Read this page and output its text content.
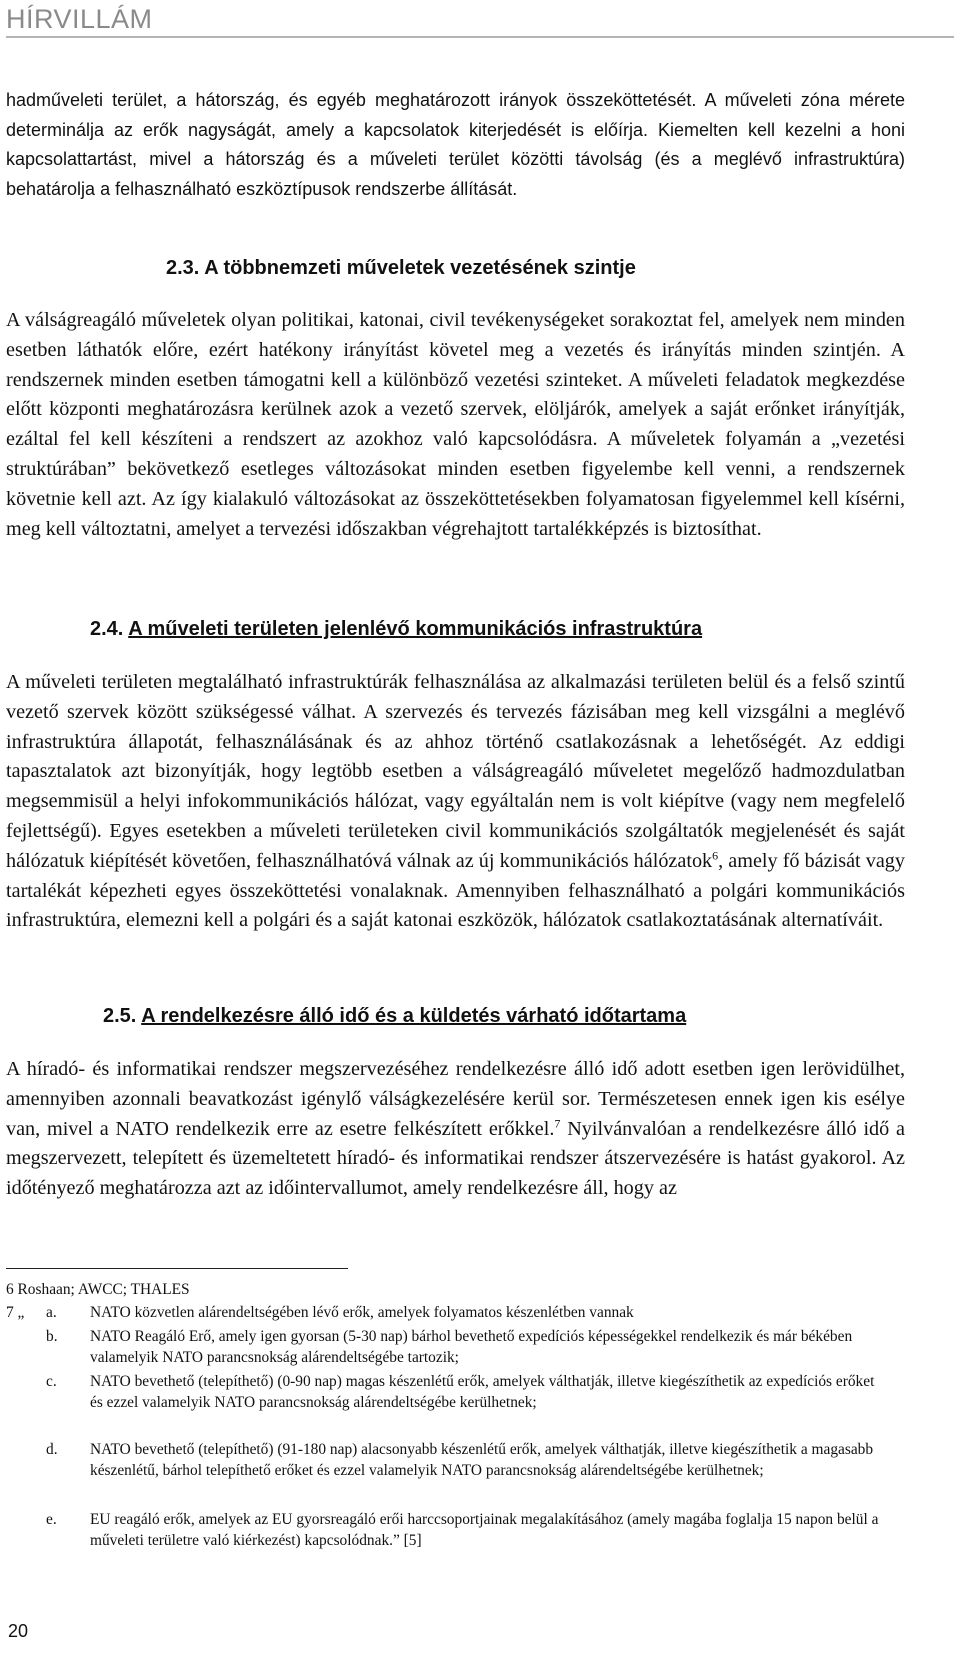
HÍRVILLÁM

hadműveleti terület, a hátország, és egyéb meghatározott irányok összeköttetését. A műveleti zóna mérete determinálja az erők nagyságát, amely a kapcsolatok kiterjedését is előírja. Kiemelten kell kezelni a honi kapcsolattartást, mivel a hátország és a műveleti terület közötti távolság (és a meglévő infrastruktúra) behatárolja a felhasználható eszköztípusok rendszerbe állítását.

2.3. A többnemzeti műveletek vezetésének szintje

A válságreagáló műveletek olyan politikai, katonai, civil tevékenységeket sorakoztat fel, amelyek nem minden esetben láthatók előre, ezért hatékony irányítást követel meg a vezetés és irányítás minden szintjén. A rendszernek minden esetben támogatni kell a különböző vezetési szinteket. A műveleti feladatok megkezdése előtt központi meghatározásra kerülnek azok a vezető szervek, elöljárók, amelyek a saját erőnket irányítják, ezáltal fel kell készíteni a rendszert az azokhoz való kapcsolódásra. A műveletek folyamán a „vezetési struktúrában” bekövetkező esetleges változásokat minden esetben figyelembe kell venni, a rendszernek követnie kell azt. Az így kialakuló változásokat az összeköttetésekben folyamatosan figyelemmel kell kísérni, meg kell változtatni, amelyet a tervezési időszakban végrehajtott tartalékképzés is biztosíthat.

2.4. A műveleti területen jelenlévő kommunikációs infrastruktúra

A műveleti területen megtalálható infrastruktúrák felhasználása az alkalmazási területen belül és a felső szintű vezető szervek között szükségessé válhat. A szervezés és tervezés fázisában meg kell vizsgálni a meglévő infrastruktúra állapotát, felhasználásának és az ahhoz történő csatlakozásnak a lehetőségét. Az eddigi tapasztalatok azt bizonyítják, hogy legtöbb esetben a válságreagáló műveletet megelőző hadmozdulatban megsemmisül a helyi infokommunikációs hálózat, vagy egyáltalán nem is volt kiépítve (vagy nem megfelelő fejlettségű). Egyes esetekben a műveleti területeken civil kommunikációs szolgáltatók megjelenését és saját hálózatuk kiépítését követően, felhasználhatóvá válnak az új kommunikációs hálózatok$^6$, amely fő bázisát vagy tartalékát képezheti egyes összeköttetési vonalaknak. Amennyiben felhasználható a polgári kommunikációs infrastruktúra, elemezni kell a polgári és a saját katonai eszközök, hálózatok csatlakoztatásának alternatíváit.

2.5. A rendelkezésre álló idő és a küldetés várható időtartama

A híradó- és informatikai rendszer megszervezéséhez rendelkezésre álló idő adott esetben igen lerövidülhet, amennyiben azonnali beavatkozást igénylő válságkezelésére kerül sor. Természetesen ennek igen kis esélye van, mivel a NATO rendelkezik erre az esetre felkészített erőkkel.$^7$ Nyilvánvalóan a rendelkezésre álló idő a megszervezett, telepített és üzemeltetett híradó- és informatikai rendszer átszervezésére is hatást gyakorol. Az időtényező meghatározza azt az időintervallumot, amely rendelkezésre áll, hogy az

6 Roshaan; AWCC; THALES

7 „ a. NATO közvetlen alárendeltségében lévő erők, amelyek folyamatos készenlétben vannak
b. NATO Reagáló Erő, amely igen gyorsan (5-30 nap) bárhol bevethető expedíciós képességekkel rendelkezik és már békében valamelyik NATO parancsnokság alárendeltségébe tartozik;
c. NATO bevethető (telepíthető) (0-90 nap) magas készenlétű erők, amelyek válthatják, illetve kiegészíthetik az expedíciós erőket és ezzel valamelyik NATO parancsnokság alárendeltségébe kerülhetnek;
d. NATO bevethető (telepíthető) (91-180 nap) alacsonyabb készenlétű erők, amelyek válthatják, illetve kiegészíthetik a magasabb készenlétű, bárhol telepíthető erőket és ezzel valamelyik NATO parancsnokság alárendeltségébe kerülhetnek;
e. EU reagáló erők, amelyek az EU gyorsreagáló erői harccsoportjainak megalakításához (amely magába foglalja 15 napon belül a műveleti területre való kiérkezést) kapcsolódnak.” [5]
20
